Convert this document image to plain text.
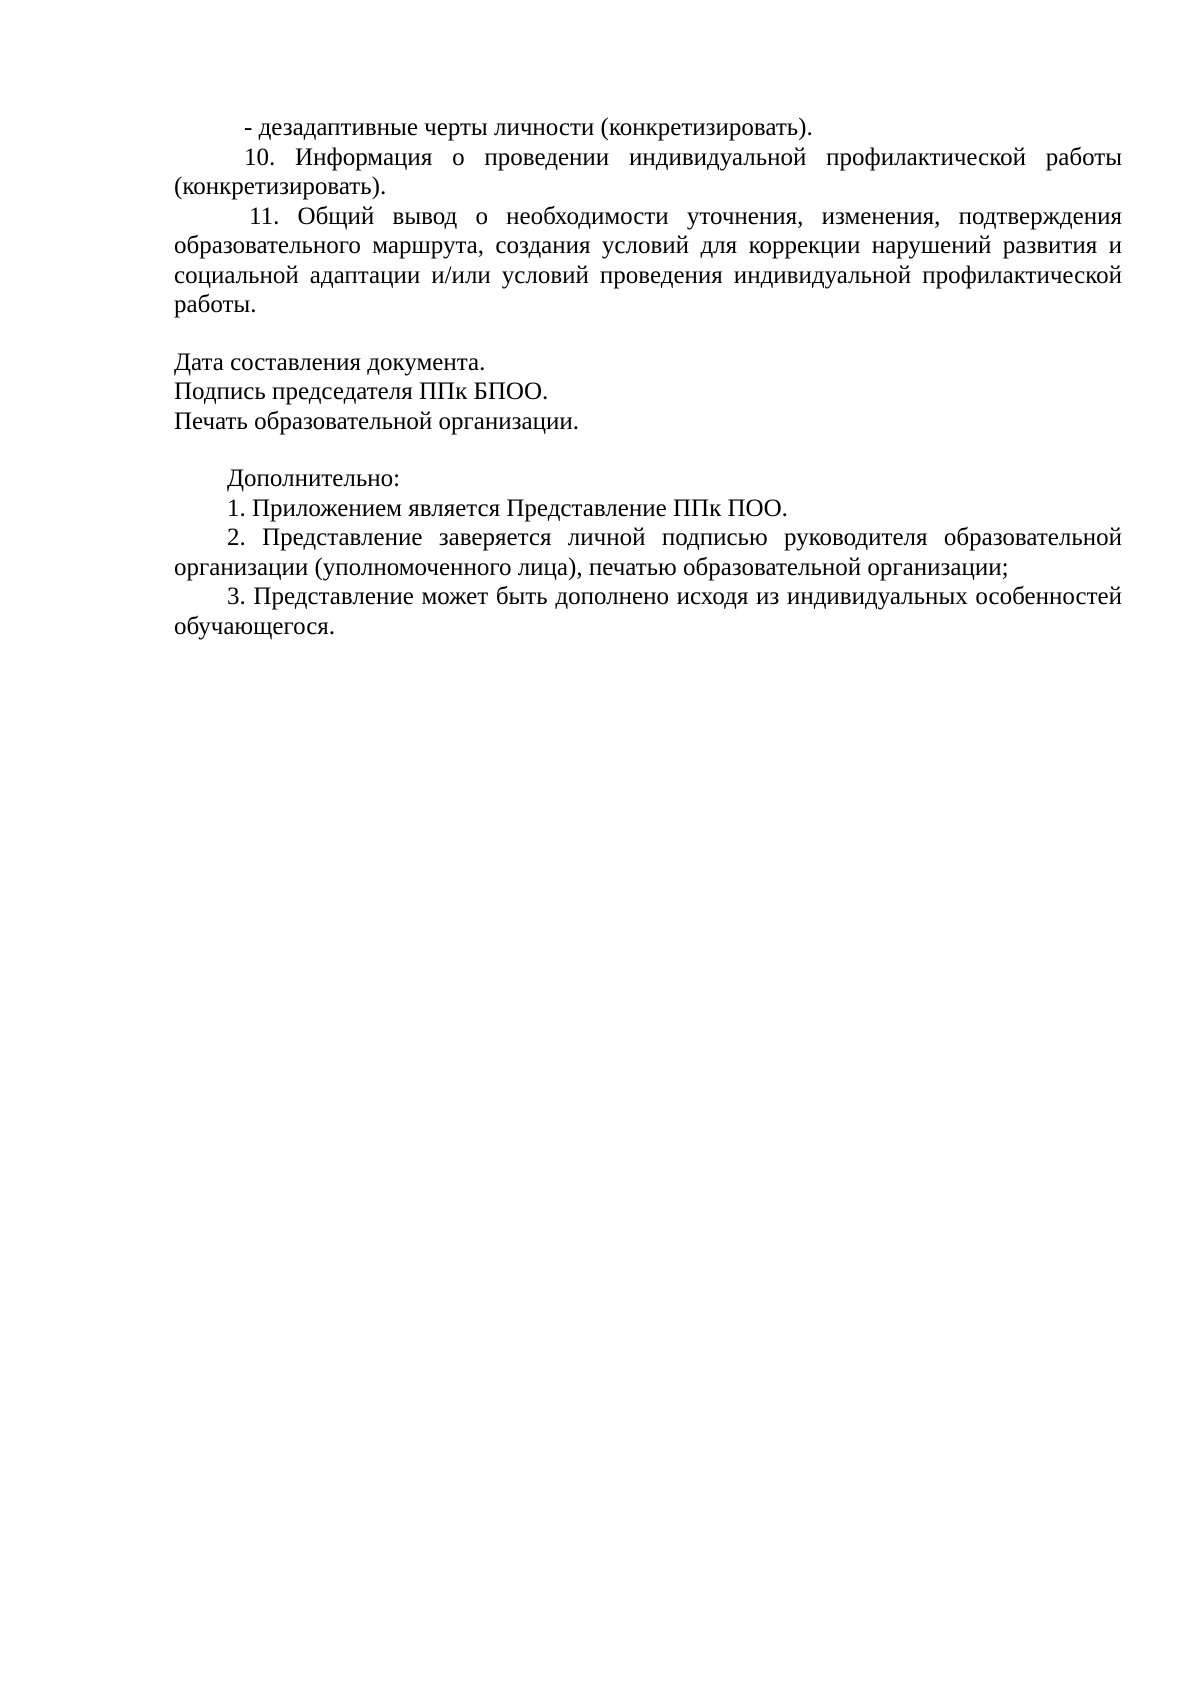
- дезадаптивные черты личности (конкретизировать).

10. Информация о проведении индивидуальной профилактической работы (конкретизировать).

11. Общий вывод о необходимости уточнения, изменения, подтверждения образовательного маршрута, создания условий для коррекции нарушений развития и социальной адаптации и/или условий проведения индивидуальной профилактической работы.

Дата составления документа.

Подпись председателя ППк БПОО.

Печать образовательной организации.

Дополнительно:

1. Приложением является Представление ППк ПОО.

2. Представление заверяется личной подписью руководителя образовательной организации (уполномоченного лица), печатью образовательной организации;

3. Представление может быть дополнено исходя из индивидуальных особенностей обучающегося.
